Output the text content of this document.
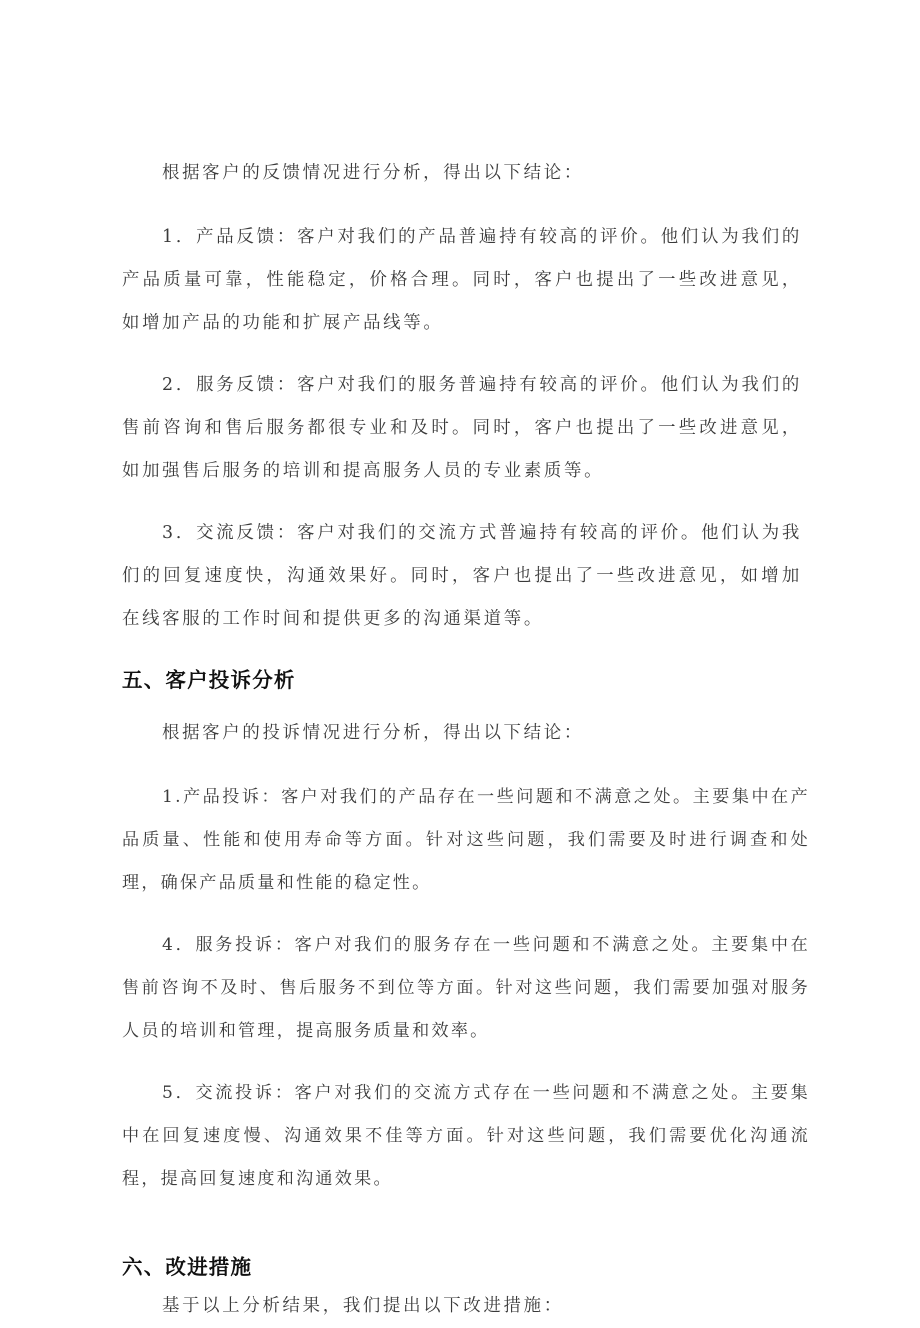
根据客户的反馈情况进行分析，得出以下结论：

1．产品反馈：客户对我们的产品普遍持有较高的评价。他们认为我们的产品质量可靠，性能稳定，价格合理。同时，客户也提出了一些改进意见，如增加产品的功能和扩展产品线等。

2．服务反馈：客户对我们的服务普遍持有较高的评价。他们认为我们的售前咨询和售后服务都很专业和及时。同时，客户也提出了一些改进意见，如加强售后服务的培训和提高服务人员的专业素质等。

3．交流反馈：客户对我们的交流方式普遍持有较高的评价。他们认为我们的回复速度快，沟通效果好。同时，客户也提出了一些改进意见，如增加在线客服的工作时间和提供更多的沟通渠道等。

五、客户投诉分析

根据客户的投诉情况进行分析，得出以下结论：

1.产品投诉：客户对我们的产品存在一些问题和不满意之处。主要集中在产品质量、性能和使用寿命等方面。针对这些问题，我们需要及时进行调查和处理，确保产品质量和性能的稳定性。

4．服务投诉：客户对我们的服务存在一些问题和不满意之处。主要集中在售前咨询不及时、售后服务不到位等方面。针对这些问题，我们需要加强对服务人员的培训和管理，提高服务质量和效率。

5．交流投诉：客户对我们的交流方式存在一些问题和不满意之处。主要集中在回复速度慢、沟通效果不佳等方面。针对这些问题，我们需要优化沟通流程，提高回复速度和沟通效果。

六、改进措施

基于以上分析结果，我们提出以下改进措施：
